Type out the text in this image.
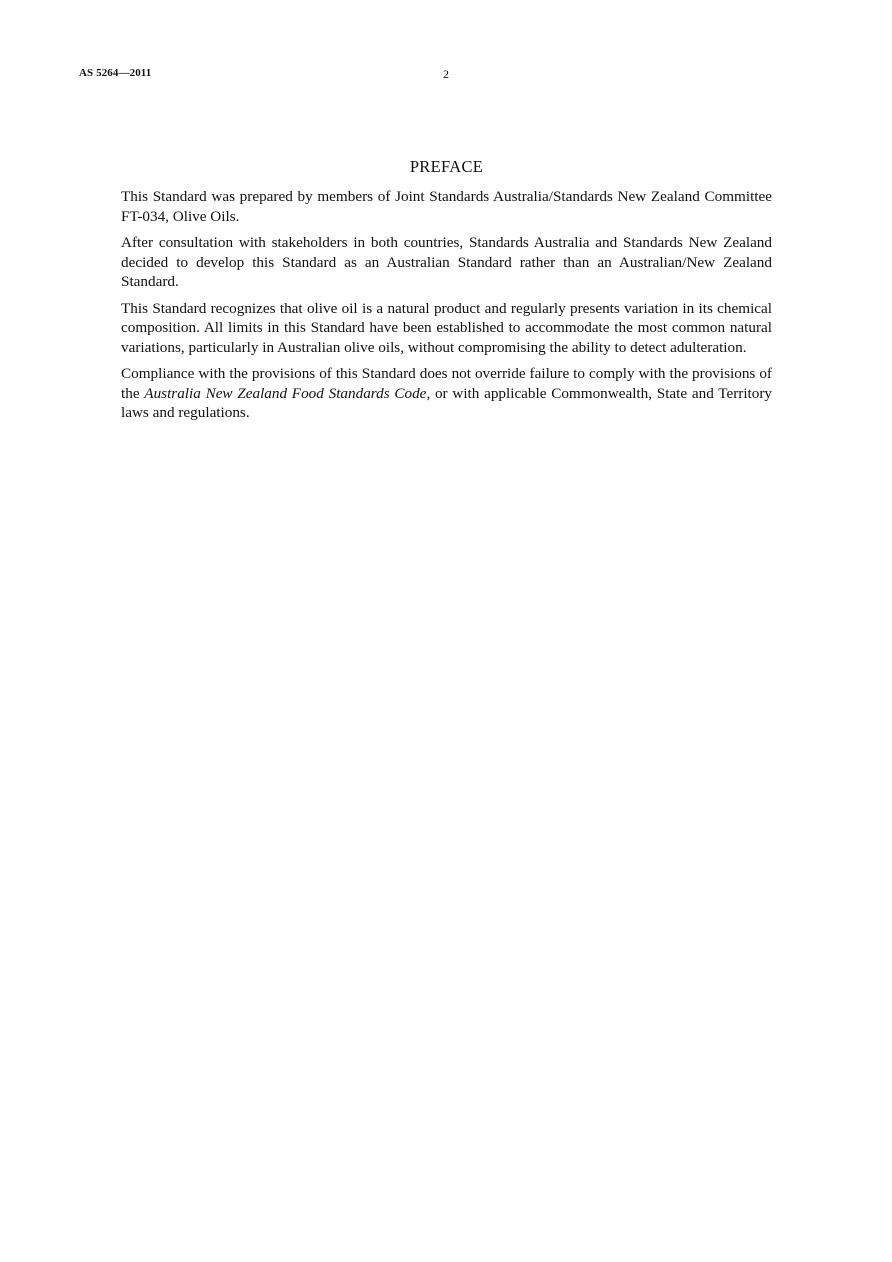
AS 5264—2011	2
PREFACE

This Standard was prepared by members of Joint Standards Australia/Standards New Zealand Committee FT-034, Olive Oils.

After consultation with stakeholders in both countries, Standards Australia and Standards New Zealand decided to develop this Standard as an Australian Standard rather than an Australian/New Zealand Standard.

This Standard recognizes that olive oil is a natural product and regularly presents variation in its chemical composition. All limits in this Standard have been established to accommodate the most common natural variations, particularly in Australian olive oils, without compromising the ability to detect adulteration.

Compliance with the provisions of this Standard does not override failure to comply with the provisions of the Australia New Zealand Food Standards Code, or with applicable Commonwealth, State and Territory laws and regulations.
